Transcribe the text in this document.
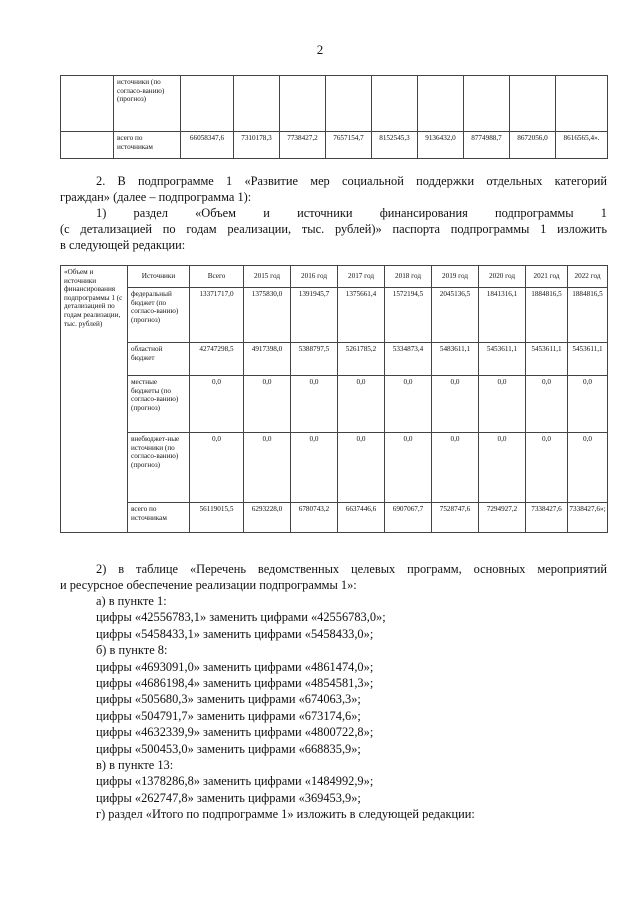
2
	источники (по согласо-ванию) (прогноз)									
	всего по источникам	66058347,6	7310178,3	7738427,2	7657154,7	8152545,3	9136432,0	8774988,7	8672056,0	8616565,4».
2. В подпрограмме 1 «Развитие мер социальной поддержки отдельных категорий
граждан» (далее – подпрограмма 1):
1) раздел «Объем и источники финансирования подпрограммы 1
(с детализацией по годам реализации, тыс. рублей)» паспорта подпрограммы 1 изложить
в следующей редакции:
«Объем и источники финансирования подпрограммы 1 (с детализацией по годам реализации, тыс. рублей)	Источники	Всего	2015 год	2016 год	2017 год	2018 год	2019 год	2020 год	2021 год	2022 год
	федеральный бюджет (по согласо-ванию) (прогноз)	13371717,0	1375830,0	1391945,7	1375661,4	1572194,5	2045136,5	1841316,1	1884816,5	1884816,5
	областной бюджет	42747298,5	4917398,0	5388797,5	5261785,2	5334873,4	5483611,1	5453611,1	5453611,1	5453611,1
	местные бюджеты (по согласо-ванию) (прогноз)	0,0	0,0	0,0	0,0	0,0	0,0	0,0	0,0	0,0
	внебюджет-ные источники (по согласо-ванию) (прогноз)	0,0	0,0	0,0	0,0	0,0	0,0	0,0	0,0	0,0
	всего по источникам	56119015,5	6293228,0	6780743,2	6637446,6	6907067,7	7528747,6	7294927,2	7338427,6	7338427,6»;
2) в таблице «Перечень ведомственных целевых программ, основных мероприятий
и ресурсное обеспечение реализации подпрограммы 1»:
а) в пункте 1:
цифры «42556783,1» заменить цифрами «42556783,0»;
цифры «5458433,1» заменить цифрами «5458433,0»;
б) в пункте 8:
цифры «4693091,0» заменить цифрами «4861474,0»;
цифры «4686198,4» заменить цифрами «4854581,3»;
цифры «505680,3» заменить цифрами «674063,3»;
цифры «504791,7» заменить цифрами «673174,6»;
цифры «4632339,9» заменить цифрами «4800722,8»;
цифры «500453,0» заменить цифрами «668835,9»;
в) в пункте 13:
цифры «1378286,8» заменить цифрами «1484992,9»;
цифры «262747,8» заменить цифрами «369453,9»;
г) раздел «Итого по подпрограмме 1» изложить в следующей редакции:
